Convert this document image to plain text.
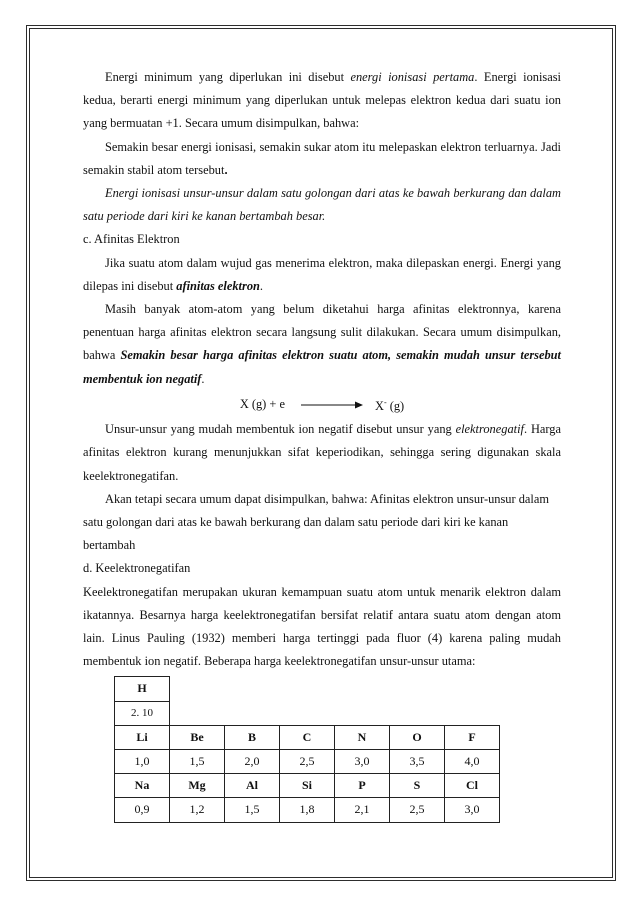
Energi minimum yang diperlukan ini disebut energi ionisasi pertama. Energi ionisasi kedua, berarti energi minimum yang diperlukan untuk melepas elektron kedua dari suatu ion yang bermuatan +1. Secara umum disimpulkan, bahwa:

Semakin besar energi ionisasi, semakin sukar atom itu melepaskan elektron terluarnya. Jadi semakin stabil atom tersebut.

Energi ionisasi unsur-unsur dalam satu golongan dari atas ke bawah berkurang dan dalam satu periode dari kiri ke kanan bertambah besar.

c. Afinitas Elektron

Jika suatu atom dalam wujud gas menerima elektron, maka dilepaskan energi. Energi yang dilepas ini disebut afinitas elektron.

Masih banyak atom-atom yang belum diketahui harga afinitas elektronnya, karena penentuan harga afinitas elektron secara langsung sulit dilakukan. Secara umum disimpulkan, bahwa Semakin besar harga afinitas elektron suatu atom, semakin mudah unsur tersebut membentuk ion negatif.

X (g) + e	X- (g)

Unsur-unsur yang mudah membentuk ion negatif disebut unsur yang elektronegatif. Harga afinitas elektron kurang menunjukkan sifat keperiodikan, sehingga sering digunakan skala keelektronegatifan.

Akan tetapi secara umum dapat disimpulkan, bahwa: Afinitas elektron unsur-unsur dalam satu golongan dari atas ke bawah berkurang dan dalam satu periode dari kiri ke kanan bertambah

d. Keelektronegatifan

Keelektronegatifan merupakan ukuran kemampuan suatu atom untuk menarik elektron dalam ikatannya. Besarnya harga keelektronegatifan bersifat relatif antara suatu atom dengan atom lain. Linus Pauling (1932) memberi harga tertinggi pada fluor (4) karena paling mudah membentuk ion negatif. Beberapa harga keelektronegatifan unsur-unsur utama:

H						
2. 10						
Li	Be	B	C	N	O	F
1,0	1,5	2,0	2,5	3,0	3,5	4,0
Na	Mg	Al	Si	P	S	Cl
0,9	1,2	1,5	1,8	2,1	2,5	3,0
